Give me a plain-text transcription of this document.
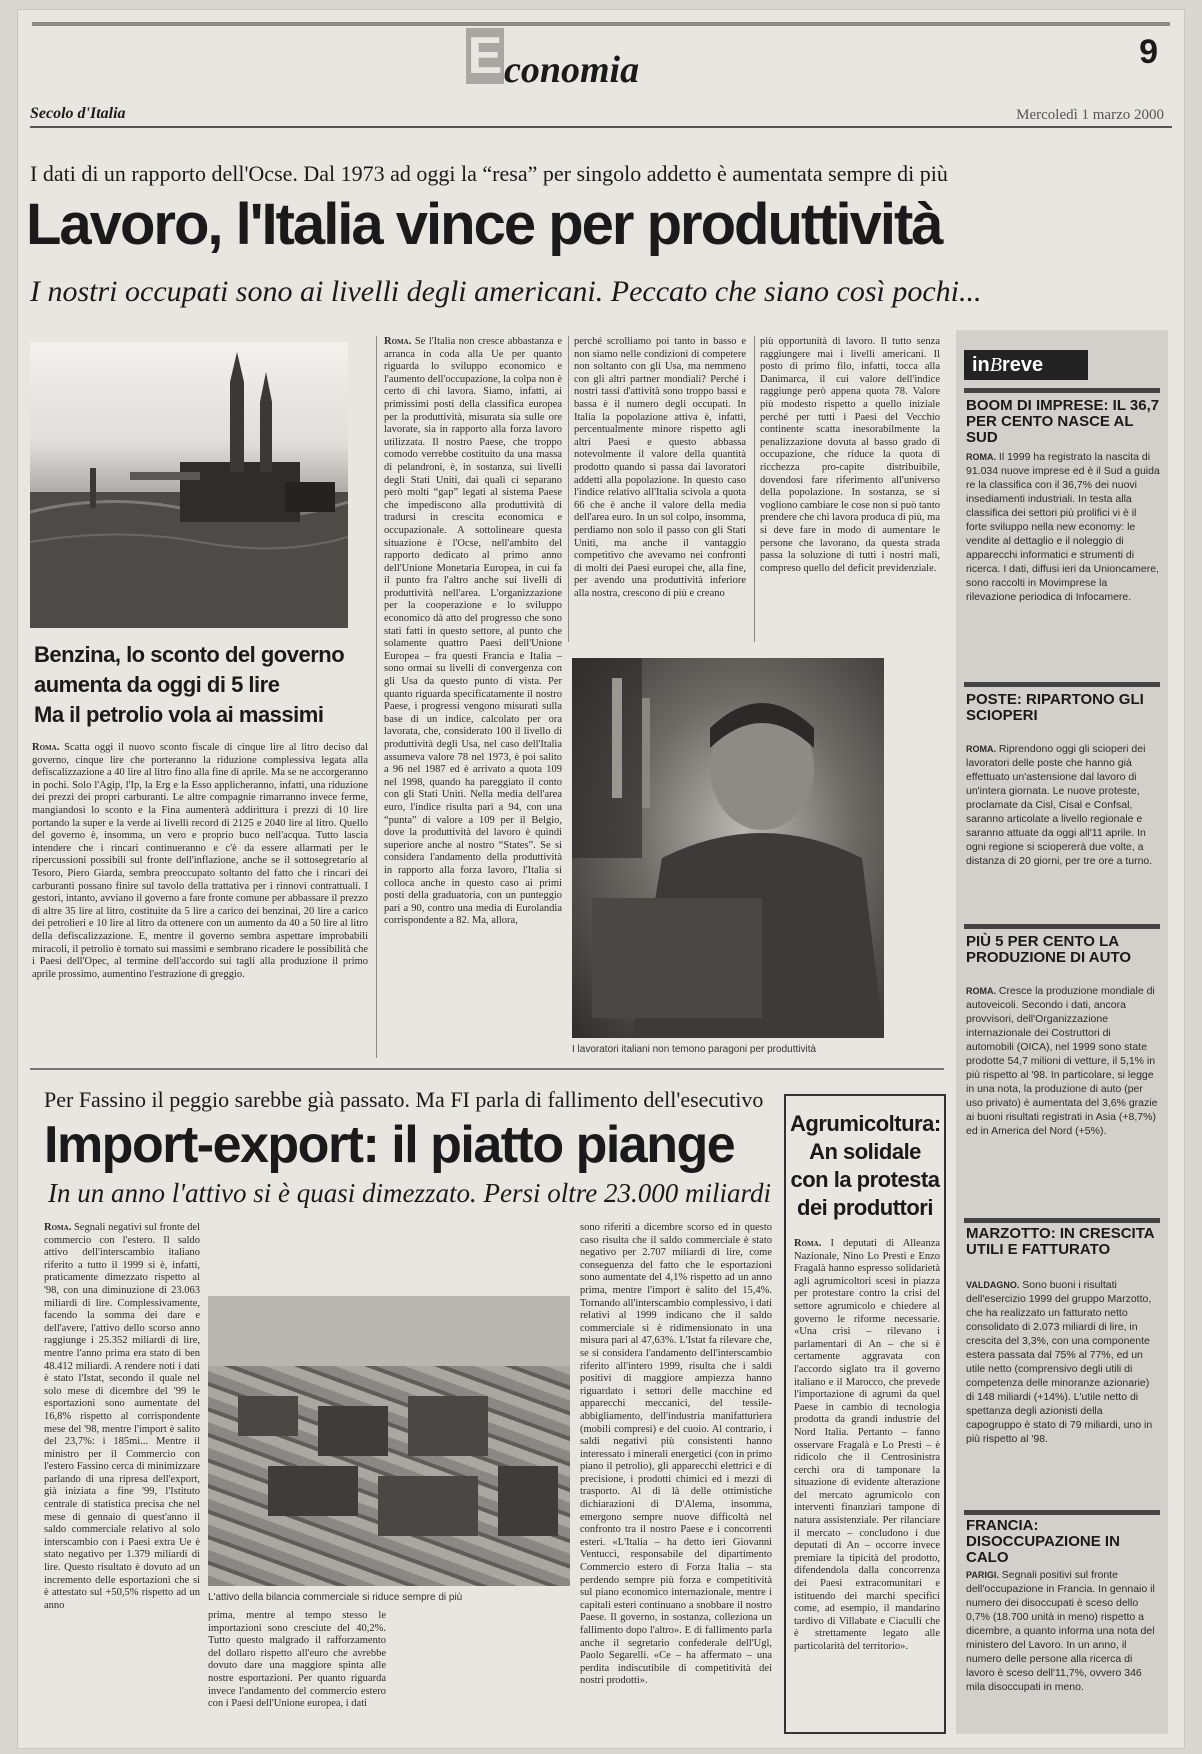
E conomia	9
Secolo d'Italia	Mercoledì 1 marzo 2000
I dati di un rapporto dell'Ocse. Dal 1973 ad oggi la “resa” per singolo addetto è aumentata sempre di più
Lavoro, l'Italia vince per produttività
I nostri occupati sono ai livelli degli americani. Peccato che siano così pochi...
Benzina, lo sconto del governo
aumenta da oggi di 5 lire
Ma il petrolio vola ai massimi
Roma. Scatta oggi il nuovo sconto fiscale di cinque lire al litro deciso dal governo, cinque lire che porteranno la riduzione complessiva legata alla defiscalizzazione a 40 lire al litro fino alla fine di aprile. Ma se ne accorgeranno in pochi. Solo l'Agip, l'Ip, la Erg e la Esso applicheranno, infatti, una riduzione dei prezzi dei propri carburanti. Le altre compagnie rimarranno invece ferme, mangiandosi lo sconto e la Fina aumenterà addirittura i prezzi di 10 lire portando la super e la verde ai livelli record di 2125 e 2040 lire al litro. Quello del governo è, insomma, un vero e proprio buco nell'acqua. Tutto lascia intendere che i rincari continueranno e c'è da essere allarmati per le ripercussioni possibili sul fronte dell'inflazione, anche se il sottosegretario al Tesoro, Piero Giarda, sembra preoccupato soltanto del fatto che i rincari dei carburanti possano finire sul tavolo della trattativa per i rinnovi contrattuali. I gestori, intanto, avviano il governo a fare fronte comune per abbassare il prezzo di altre 35 lire al litro, costituite da 5 lire a carico dei benzinai, 20 lire a carico dei petrolieri e 10 lire al litro da ottenere con un aumento da 40 a 50 lire al litro della defiscalizzazione. E, mentre il governo sembra aspettare improbabili miracoli, il petrolio è tornato sui massimi e sembrano ricadere le possibilità che i Paesi dell'Opec, al termine dell'accordo sui tagli alla produzione il primo aprile prossimo, aumentino l'estrazione di greggio.
Roma. Se l'Italia non cresce abbastanza e arranca in coda alla Ue per quanto riguarda lo sviluppo economico e l'aumento dell'occupazione, la colpa non è certo di chi lavora. Siamo, infatti, ai primissimi posti della classifica europea per la produttività, misurata sia sulle ore lavorate, sia in rapporto alla forza lavoro utilizzata. Il nostro Paese, che troppo comodo verrebbe costituito da una massa di pelandroni, è, in sostanza, sui livelli degli Stati Uniti, dai quali ci separano però molti “gap” legati al sistema Paese che impediscono alla produttività di tradursi in crescita economica e occupazionale. A sottolineare questa situazione è l'Ocse, nell'ambito del rapporto dedicato al primo anno dell'Unione Monetaria Europea, in cui fa il punto fra l'altro anche sui livelli di produttività nell'area. L'organizzazione per la cooperazione e lo sviluppo economico dà atto del progresso che sono stati fatti in questo settore, al punto che solamente quattro Paesi dell'Unione Europea – fra questi Francia e Italia – sono ormai su livelli di convergenza con gli Usa da questo punto di vista. Per quanto riguarda specificatamente il nostro Paese, i progressi vengono misurati sulla base di un indice, calcolato per ora lavorata, che, considerato 100 il livello di produttività degli Usa, nel caso dell'Italia assumeva valore 78 nel 1973, è poi salito a 96 nel 1987 ed è arrivato a quota 109 nel 1998, quando ha pareggiato il conto con gli Stati Uniti. Nella media dell'area euro, l'indice risulta pari a 94, con una “punta” di valore a 109 per il Belgio, dove la produttività del lavoro è quindi superiore anche al nostro “States”. Se si considera l'andamento della produttività in rapporto alla forza lavoro, l'Italia si colloca anche in questo caso ai primi posti della graduatoria, con un punteggio pari a 90, contro una media di Eurolandia corrispondente a 82. Ma, allora,
perché scrolliamo poi tanto in basso e non siamo nelle condizioni di competere non soltanto con gli Usa, ma nemmeno con gli altri partner mondiali? Perché i nostri tassi d'attività sono troppo bassi e bassa è il numero degli occupati. In Italia la popolazione attiva è, infatti, percentualmente minore rispetto agli altri Paesi e questo abbassa notevolmente il valore della quantità prodotto quando si passa dai lavoratori addetti alla popolazione. In questo caso l'indice relativo all'Italia scivola a quota 66 che è anche il valore della media dell'area euro. In un sol colpo, insomma, perdiamo non solo il passo con gli Stati Uniti, ma anche il vantaggio competitivo che avevamo nei confronti di molti dei Paesi europei che, alla fine, per avendo una produttività inferiore alla nostra, crescono di più e creano
più opportunità di lavoro. Il tutto senza raggiungere mai i livelli americani. Il posto di primo filo, infatti, tocca alla Danimarca, il cui valore dell'indice raggiunge però appena quota 78. Valore più modesto rispetto a quello iniziale perché per tutti i Paesi del Vecchio continente scatta inesorabilmente la penalizzazione dovuta al basso grado di occupazione, che riduce la quota di ricchezza pro-capite distribuibile, dovendosi fare riferimento all'universo della popolazione. In sostanza, se si vogliono cambiare le cose non si può tanto prendere che chi lavora produca di più, ma si deve fare in modo di aumentare le persone che lavorano, da questa strada passa la soluzione di tutti i nostri mali, compreso quello del deficit previdenziale.
I lavoratori italiani non temono paragoni per produttività
inBreve
BOOM DI IMPRESE: IL 36,7 PER CENTO NASCE AL SUD
ROMA. Il 1999 ha registrato la nascita di 91.034 nuove imprese ed è il Sud a guida re la classifica con il 36,7% dei nuovi insediamenti industriali. In testa alla classifica dei settori più prolifici vi è il forte sviluppo nella new economy: le vendite al dettaglio e il noleggio di apparecchi informatici e strumenti di ricerca. I dati, diffusi ieri da Unioncamere, sono raccolti in Movimprese la rilevazione periodica di Infocamere.
POSTE: RIPARTONO GLI SCIOPERI
ROMA. Riprendono oggi gli scioperi dei lavoratori delle poste che hanno già effettuato un'astensione dal lavoro di un'intera giornata. Le nuove proteste, proclamate da Cisl, Cisal e Confsal, saranno articolate a livello regionale e saranno attuate da oggi all'11 aprile. In ogni regione si sciopererà due volte, a distanza di 20 giorni, per tre ore a turno.
PIÙ 5 PER CENTO LA PRODUZIONE DI AUTO
ROMA. Cresce la produzione mondiale di autoveicoli. Secondo i dati, ancora provvisori, dell'Organizzazione internazionale dei Costruttori di automobili (OICA), nel 1999 sono state prodotte 54,7 milioni di vetture, il 5,1% in più rispetto al '98. In particolare, si legge in una nota, la produzione di auto (per uso privato) è aumentata del 3,6% grazie ai buoni risultati registrati in Asia (+8,7%) ed in America del Nord (+5%).
MARZOTTO: IN CRESCITA UTILI E FATTURATO
VALDAGNO. Sono buoni i risultati dell'esercizio 1999 del gruppo Marzotto, che ha realizzato un fatturato netto consolidato di 2.073 miliardi di lire, in crescita del 3,3%, con una componente estera passata dal 75% al 77%, ed un utile netto (comprensivo degli utili di competenza delle minoranze azionarie) di 148 miliardi (+14%). L'utile netto di spettanza degli azionisti della capogruppo è stato di 79 miliardi, uno in più rispetto al '98.
FRANCIA: DISOCCUPAZIONE IN CALO
PARIGI. Segnali positivi sul fronte dell'occupazione in Francia. In gennaio il numero dei disoccupati è sceso dello 0,7% (18.700 unità in meno) rispetto a dicembre, a quanto informa una nota del ministero del Lavoro. In un anno, il numero delle persone alla ricerca di lavoro è sceso dell'11,7%, ovvero 346 mila disoccupati in meno.
Per Fassino il peggio sarebbe già passato. Ma FI parla di fallimento dell'esecutivo
Import-export: il piatto piange
In un anno l'attivo si è quasi dimezzato. Persi oltre 23.000 miliardi
Roma. Segnali negativi sul fronte del commercio con l'estero. Il saldo attivo dell'interscambio italiano riferito a tutto il 1999 si è, infatti, praticamente dimezzato rispetto al '98, con una diminuzione di 23.063 miliardi di lire. Complessivamente, facendo la somma dei dare e dell'avere, l'attivo dello scorso anno raggiunge i 25.352 miliardi di lire, mentre l'anno prima era stato di ben 48.412 miliardi. A rendere noti i dati è stato l'Istat, secondo il quale nel solo mese di dicembre del '99 le esportazioni sono aumentate del 16,8% rispetto al corrispondente mese del '98, mentre l'import è salito del 23,7%: i 185mi... Mentre il ministro per il Commercio con l'estero Fassino cerca di minimizzare parlando di una ripresa dell'export, già iniziata a fine '99, l'Istituto centrale di statistica precisa che nel mese di gennaio di quest'anno il saldo commerciale relativo al solo interscambio con i Paesi extra Ue è stato negativo per 1.379 miliardi di lire. Questo risultato è dovuto ad un incremento delle esportazioni che si è attestato sul +50,5% rispetto ad un anno
L'attivo della bilancia commerciale si riduce sempre di più
prima, mentre al tempo stesso le importazioni sono cresciute del 40,2%. Tutto questo malgrado il rafforzamento del dollaro rispetto all'euro che avrebbe dovuto dare una maggiore spinta alle nostre esportazioni. Per quanto riguarda invece l'andamento del commercio estero con i Paesi dell'Unione europea, i dati
sono riferiti a dicembre scorso ed in questo caso risulta che il saldo commerciale è stato negativo per 2.707 miliardi di lire, come conseguenza del fatto che le esportazioni sono aumentate del 4,1% rispetto ad un anno prima, mentre l'import è salito del 15,4%. Tornando all'interscambio complessivo, i dati relativi al 1999 indicano che il saldo commerciale si è ridimensionato in una misura pari al 47,63%. L'Istat fa rilevare che, se si considera l'andamento dell'interscambio riferito all'intero 1999, risulta che i saldi positivi di maggiore ampiezza hanno riguardato i settori delle macchine ed apparecchi meccanici, del tessile-abbigliamento, dell'industria manifatturiera (mobili compresi) e del cuoio. Al contrario, i saldi negativi più consistenti hanno interessato i minerali energetici (con in primo piano il petrolio), gli apparecchi elettrici e di precisione, i prodotti chimici ed i mezzi di trasporto. Al di là delle ottimistiche dichiarazioni di D'Alema, insomma, emergono sempre nuove difficoltà nel confronto tra il nostro Paese e i concorrenti esteri. «L'Italia – ha detto ieri Giovanni Ventucci, responsabile del dipartimento Commercio estero di Forza Italia – sta perdendo sempre più forza e competitività sul piano economico internazionale, mentre i capitali esteri continuano a snobbare il nostro Paese. Il governo, in sostanza, colleziona un fallimento dopo l'altro». E di fallimento parla anche il segretario confederale dell'Ugl, Paolo Segarelli. «Ce – ha affermato – una perdita indiscutibile di competitività dei nostri prodotti».
Agrumicoltura: An solidale con la protesta dei produttori
Roma. I deputati di Alleanza Nazionale, Nino Lo Presti e Enzo Fragalà hanno espresso solidarietà agli agrumicoltori scesi in piazza per protestare contro la crisi del settore agrumicolo e chiedere al governo le riforme necessarie. «Una crisi – rilevano i parlamentari di An – che si è certamente aggravata con l'accordo siglato tra il governo italiano e il Marocco, che prevede l'importazione di agrumi da quel Paese in cambio di tecnologia prodotta da grandi industrie del Nord Italia. Pertanto – fanno osservare Fragalà e Lo Presti – è ridicolo che il Centrosinistra cerchi ora di tamponare la situazione di evidente alterazione del mercato agrumicolo con interventi finanziari tampone di natura assistenziale. Per rilanciare il mercato – concludono i due deputati di An – occorre invece premiare la tipicità del prodotto, difendendola dalla concorrenza dei Paesi extracomunitari e istituendo dei marchi specifici come, ad esempio, il mandarino tardivo di Villabate e Ciaculli che è strettamente legato alle particolarità del territorio».
